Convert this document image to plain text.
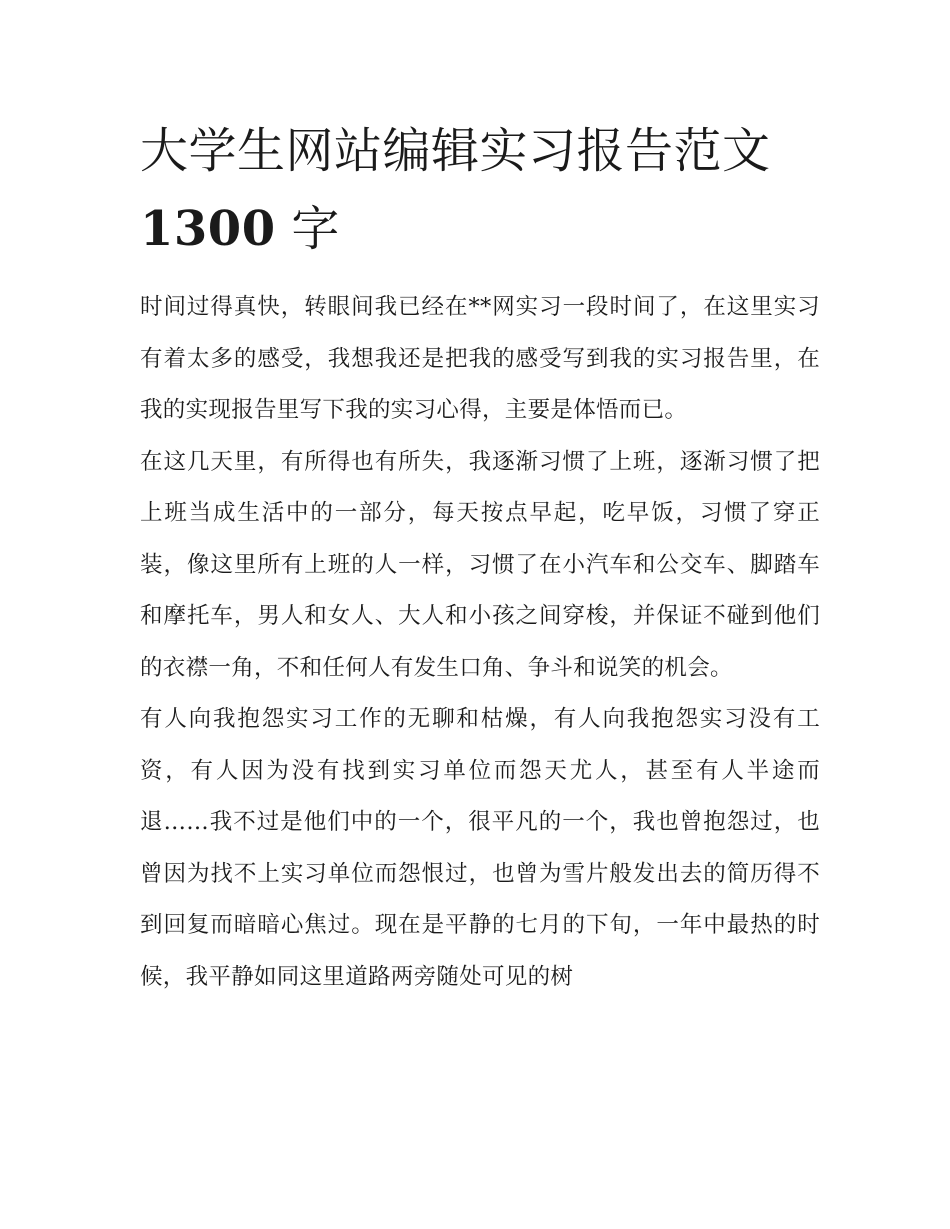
大学生网站编辑实习报告范文
1300 字

时间过得真快，转眼间我已经在**网实习一段时间了，在这里实习有着太多的感受，我想我还是把我的感受写到我的实习报告里，在我的实现报告里写下我的实习心得，主要是体悟而已。

在这几天里，有所得也有所失，我逐渐习惯了上班，逐渐习惯了把上班当成生活中的一部分，每天按点早起，吃早饭，习惯了穿正装，像这里所有上班的人一样，习惯了在小汽车和公交车、脚踏车和摩托车，男人和女人、大人和小孩之间穿梭，并保证不碰到他们的衣襟一角，不和任何人有发生口角、争斗和说笑的机会。

有人向我抱怨实习工作的无聊和枯燥，有人向我抱怨实习没有工资，有人因为没有找到实习单位而怨天尤人，甚至有人半途而退……我不过是他们中的一个，很平凡的一个，我也曾抱怨过，也曾因为找不上实习单位而怨恨过，也曾为雪片般发出去的简历得不到回复而暗暗心焦过。现在是平静的七月的下旬，一年中最热的时候，我平静如同这里道路两旁随处可见的树
